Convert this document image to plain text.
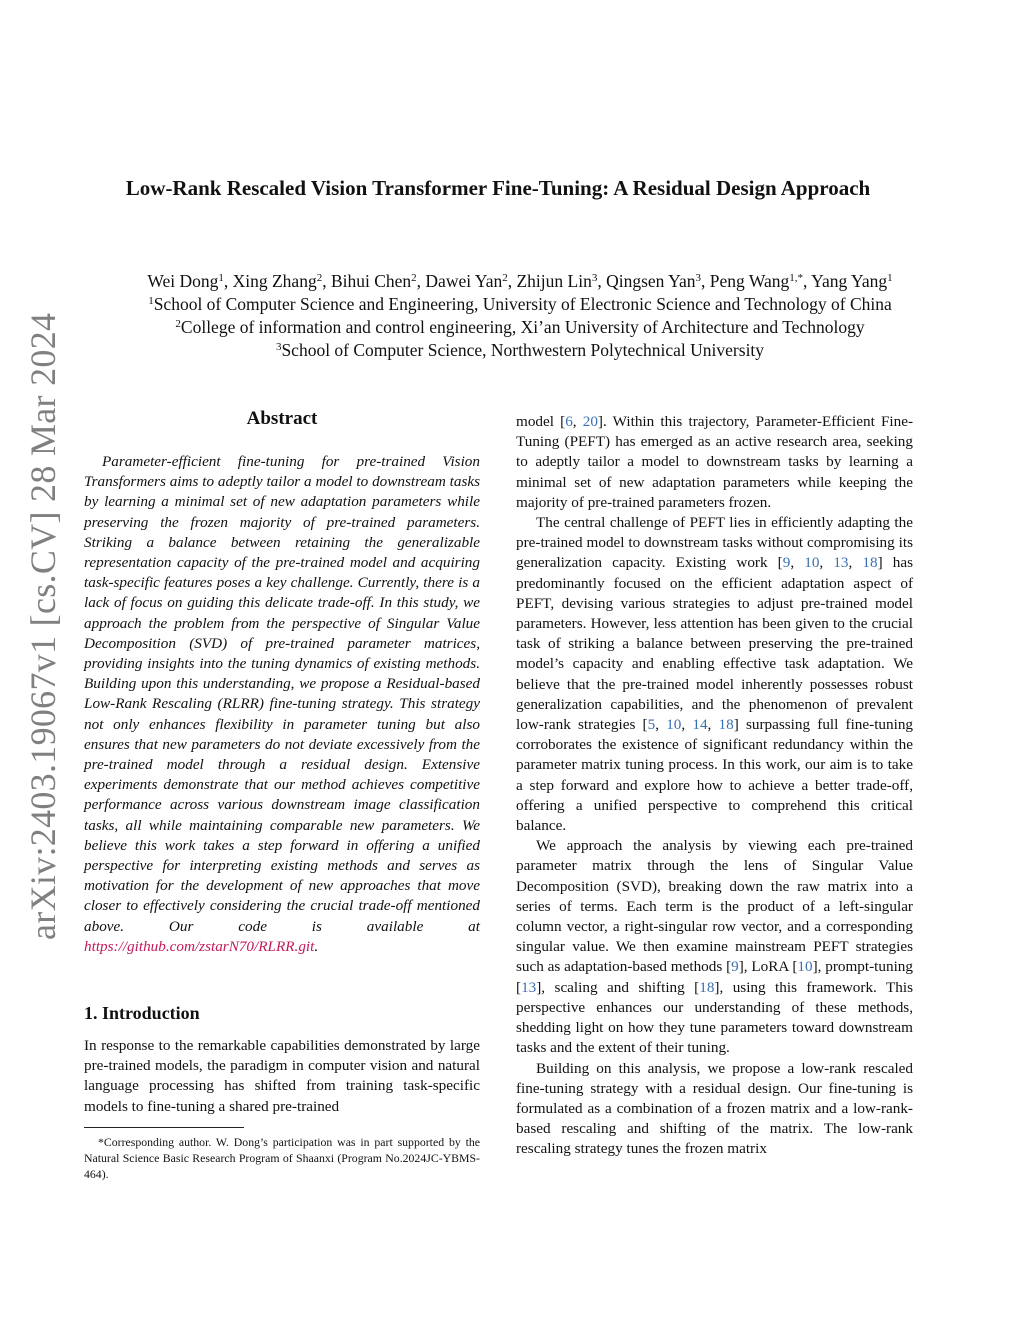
arXiv:2403.19067v1 [cs.CV] 28 Mar 2024
Low-Rank Rescaled Vision Transformer Fine-Tuning: A Residual Design Approach
Wei Dong$^1$, Xing Zhang$^2$, Bihui Chen$^2$, Dawei Yan$^2$, Zhijun Lin$^3$, Qingsen Yan$^3$, Peng Wang$^{1,*}$, Yang Yang$^1$
$^1$School of Computer Science and Engineering, University of Electronic Science and Technology of China
$^2$College of information and control engineering, Xi’an University of Architecture and Technology
$^3$School of Computer Science, Northwestern Polytechnical University
Abstract

Parameter-efficient fine-tuning for pre-trained Vision Transformers aims to adeptly tailor a model to downstream tasks by learning a minimal set of new adaptation parameters while preserving the frozen majority of pre-trained parameters. Striking a balance between retaining the generalizable representation capacity of the pre-trained model and acquiring task-specific features poses a key challenge. Currently, there is a lack of focus on guiding this delicate trade-off. In this study, we approach the problem from the perspective of Singular Value Decomposition (SVD) of pre-trained parameter matrices, providing insights into the tuning dynamics of existing methods. Building upon this understanding, we propose a Residual-based Low-Rank Rescaling (RLRR) fine-tuning strategy. This strategy not only enhances flexibility in parameter tuning but also ensures that new parameters do not deviate excessively from the pre-trained model through a residual design. Extensive experiments demonstrate that our method achieves competitive performance across various downstream image classification tasks, all while maintaining comparable new parameters. We believe this work takes a step forward in offering a unified perspective for interpreting existing methods and serves as motivation for the development of new approaches that move closer to effectively considering the crucial trade-off mentioned above. Our code is available at https://github.com/zstarN70/RLRR.git.

1. Introduction

In response to the remarkable capabilities demonstrated by large pre-trained models, the paradigm in computer vision and natural language processing has shifted from training task-specific models to fine-tuning a shared pre-trained

*Corresponding author. W. Dong’s participation was in part supported by the Natural Science Basic Research Program of Shaanxi (Program No.2024JC-YBMS-464).

model [6, 20]. Within this trajectory, Parameter-Efficient Fine-Tuning (PEFT) has emerged as an active research area, seeking to adeptly tailor a model to downstream tasks by learning a minimal set of new adaptation parameters while keeping the majority of pre-trained parameters frozen.

The central challenge of PEFT lies in efficiently adapting the pre-trained model to downstream tasks without compromising its generalization capacity. Existing work [9, 10, 13, 18] has predominantly focused on the efficient adaptation aspect of PEFT, devising various strategies to adjust pre-trained model parameters. However, less attention has been given to the crucial task of striking a balance between preserving the pre-trained model’s capacity and enabling effective task adaptation. We believe that the pre-trained model inherently possesses robust generalization capabilities, and the phenomenon of prevalent low-rank strategies [5, 10, 14, 18] surpassing full fine-tuning corroborates the existence of significant redundancy within the parameter matrix tuning process. In this work, our aim is to take a step forward and explore how to achieve a better trade-off, offering a unified perspective to comprehend this critical balance.

We approach the analysis by viewing each pre-trained parameter matrix through the lens of Singular Value Decomposition (SVD), breaking down the raw matrix into a series of terms. Each term is the product of a left-singular column vector, a right-singular row vector, and a corresponding singular value. We then examine mainstream PEFT strategies such as adaptation-based methods [9], LoRA [10], prompt-tuning [13], scaling and shifting [18], using this framework. This perspective enhances our understanding of these methods, shedding light on how they tune parameters toward downstream tasks and the extent of their tuning.

Building on this analysis, we propose a low-rank rescaled fine-tuning strategy with a residual design. Our fine-tuning is formulated as a combination of a frozen matrix and a low-rank-based rescaling and shifting of the matrix. The low-rank rescaling strategy tunes the frozen matrix
